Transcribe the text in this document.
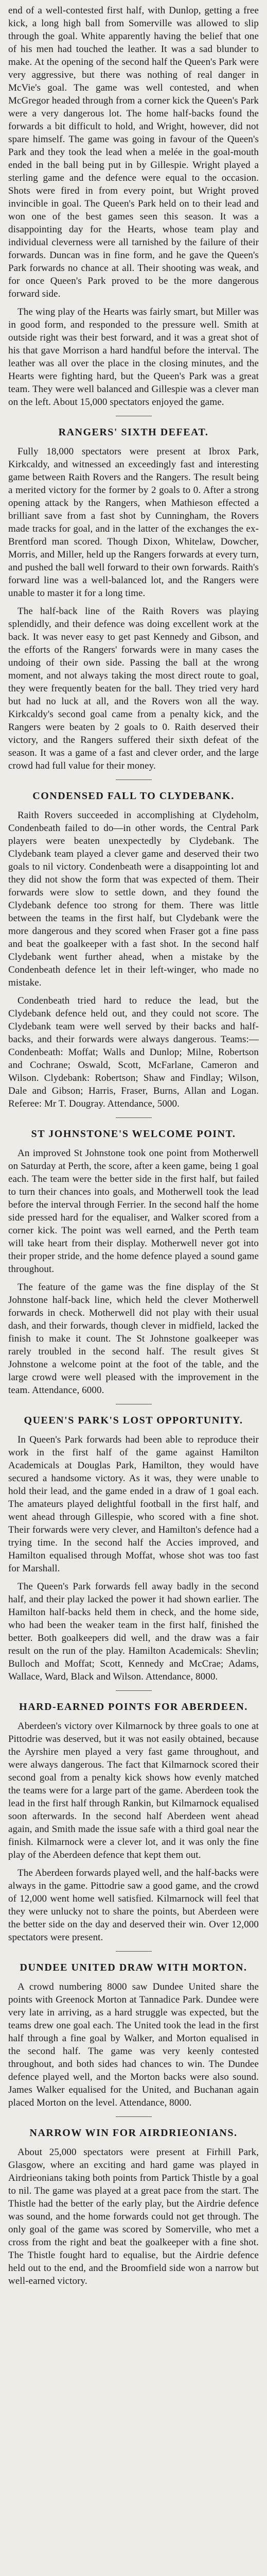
end of a well-contested first half, with Dunlop, getting a free kick, a long high ball from Somerville was allowed to slip through the goal. White apparently having the belief that one of his men had touched the leather. It was a sad blunder to make. At the opening of the second half the Queen's Park were very aggressive, but there was nothing of real danger in McVie's goal. The game was well contested, and when McGregor headed through from a corner kick the Queen's Park were a very dangerous lot. The home half-backs found the forwards a bit difficult to hold, and Wright, however, did not spare himself. The game was going in favour of the Queen's Park and they took the lead when a melée in the goal-mouth ended in the ball being put in by Gillespie. Wright played a sterling game and the defence were equal to the occasion. Shots were fired in from every point, but Wright proved invincible in goal. The Queen's Park held on to their lead and won one of the best games seen this season. It was a disappointing day for the Hearts, whose team play and individual cleverness were all tarnished by the failure of their forwards. Duncan was in fine form, and he gave the Queen's Park forwards no chance at all. Their shooting was weak, and for once Queen's Park proved to be the more dangerous forward side.

The wing play of the Hearts was fairly smart, but Miller was in good form, and responded to the pressure well. Smith at outside right was their best forward, and it was a great shot of his that gave Morrison a hard handful before the interval. The leather was all over the place in the closing minutes, and the Hearts were fighting hard, but the Queen's Park was a great team. They were well balanced and Gillespie was a clever man on the left. About 15,000 spectators enjoyed the game.

RANGERS' SIXTH DEFEAT.

Fully 18,000 spectators were present at Ibrox Park, Kirkcaldy, and witnessed an exceedingly fast and interesting game between Raith Rovers and the Rangers. The result being a merited victory for the former by 2 goals to 0. After a strong opening attack by the Rangers, when Mathieson effected a brilliant save from a fast shot by Cunningham, the Rovers made tracks for goal, and in the latter of the exchanges the ex-Brentford man scored. Though Dixon, Whitelaw, Dowcher, Morris, and Miller, held up the Rangers forwards at every turn, and pushed the ball well forward to their own forwards. Raith's forward line was a well-balanced lot, and the Rangers were unable to master it for a long time.

The half-back line of the Raith Rovers was playing splendidly, and their defence was doing excellent work at the back. It was never easy to get past Kennedy and Gibson, and the efforts of the Rangers' forwards were in many cases the undoing of their own side. Passing the ball at the wrong moment, and not always taking the most direct route to goal, they were frequently beaten for the ball. They tried very hard but had no luck at all, and the Rovers won all the way. Kirkcaldy's second goal came from a penalty kick, and the Rangers were beaten by 2 goals to 0. Raith deserved their victory, and the Rangers suffered their sixth defeat of the season. It was a game of a fast and clever order, and the large crowd had full value for their money.

CONDENSED FALL TO CLYDEBANK.

Raith Rovers succeeded in accomplishing at Clydeholm, Condenbeath failed to do—in other words, the Central Park players were beaten unexpectedly by Clydebank. The Clydebank team played a clever game and deserved their two goals to nil victory. Condenbeath were a disappointing lot and they did not show the form that was expected of them. Their forwards were slow to settle down, and they found the Clydebank defence too strong for them. There was little between the teams in the first half, but Clydebank were the more dangerous and they scored when Fraser got a fine pass and beat the goalkeeper with a fast shot. In the second half Clydebank went further ahead, when a mistake by the Condenbeath defence let in their left-winger, who made no mistake.

Condenbeath tried hard to reduce the lead, but the Clydebank defence held out, and they could not score. The Clydebank team were well served by their backs and half-backs, and their forwards were always dangerous. Teams:—Condenbeath: Moffat; Walls and Dunlop; Milne, Robertson and Cochrane; Oswald, Scott, McFarlane, Cameron and Wilson. Clydebank: Robertson; Shaw and Findlay; Wilson, Dale and Gibson; Harris, Fraser, Burns, Allan and Logan. Referee: Mr T. Dougray. Attendance, 5000.

ST JOHNSTONE'S WELCOME POINT.

An improved St Johnstone took one point from Motherwell on Saturday at Perth, the score, after a keen game, being 1 goal each. The team were the better side in the first half, but failed to turn their chances into goals, and Motherwell took the lead before the interval through Ferrier. In the second half the home side pressed hard for the equaliser, and Walker scored from a corner kick. The point was well earned, and the Perth team will take heart from their display. Motherwell never got into their proper stride, and the home defence played a sound game throughout.

The feature of the game was the fine display of the St Johnstone half-back line, which held the clever Motherwell forwards in check. Motherwell did not play with their usual dash, and their forwards, though clever in midfield, lacked the finish to make it count. The St Johnstone goalkeeper was rarely troubled in the second half. The result gives St Johnstone a welcome point at the foot of the table, and the large crowd were well pleased with the improvement in the team. Attendance, 6000.

QUEEN'S PARK'S LOST OPPORTUNITY.

In Queen's Park forwards had been able to reproduce their work in the first half of the game against Hamilton Academicals at Douglas Park, Hamilton, they would have secured a handsome victory. As it was, they were unable to hold their lead, and the game ended in a draw of 1 goal each. The amateurs played delightful football in the first half, and went ahead through Gillespie, who scored with a fine shot. Their forwards were very clever, and Hamilton's defence had a trying time. In the second half the Accies improved, and Hamilton equalised through Moffat, whose shot was too fast for Marshall.

The Queen's Park forwards fell away badly in the second half, and their play lacked the power it had shown earlier. The Hamilton half-backs held them in check, and the home side, who had been the weaker team in the first half, finished the better. Both goalkeepers did well, and the draw was a fair result on the run of the play. Hamilton Academicals: Shevlin; Bulloch and Moffat; Scott, Kennedy and McCrae; Adams, Wallace, Ward, Black and Wilson. Attendance, 8000.

HARD-EARNED POINTS FOR ABERDEEN.

Aberdeen's victory over Kilmarnock by three goals to one at Pittodrie was deserved, but it was not easily obtained, because the Ayrshire men played a very fast game throughout, and were always dangerous. The fact that Kilmarnock scored their second goal from a penalty kick shows how evenly matched the teams were for a large part of the game. Aberdeen took the lead in the first half through Rankin, but Kilmarnock equalised soon afterwards. In the second half Aberdeen went ahead again, and Smith made the issue safe with a third goal near the finish. Kilmarnock were a clever lot, and it was only the fine play of the Aberdeen defence that kept them out.

The Aberdeen forwards played well, and the half-backs were always in the game. Pittodrie saw a good game, and the crowd of 12,000 went home well satisfied. Kilmarnock will feel that they were unlucky not to share the points, but Aberdeen were the better side on the day and deserved their win. Over 12,000 spectators were present.

DUNDEE UNITED DRAW WITH MORTON.

A crowd numbering 8000 saw Dundee United share the points with Greenock Morton at Tannadice Park. Dundee were very late in arriving, as a hard struggle was expected, but the teams drew one goal each. The United took the lead in the first half through a fine goal by Walker, and Morton equalised in the second half. The game was very keenly contested throughout, and both sides had chances to win. The Dundee defence played well, and the Morton backs were also sound. James Walker equalised for the United, and Buchanan again placed Morton on the level. Attendance, 8000.

NARROW WIN FOR AIRDRIEONIANS.

About 25,000 spectators were present at Firhill Park, Glasgow, where an exciting and hard game was played in Airdrieonians taking both points from Partick Thistle by a goal to nil. The game was played at a great pace from the start. The Thistle had the better of the early play, but the Airdrie defence was sound, and the home forwards could not get through. The only goal of the game was scored by Somerville, who met a cross from the right and beat the goalkeeper with a fine shot. The Thistle fought hard to equalise, but the Airdrie defence held out to the end, and the Broomfield side won a narrow but well-earned victory.
